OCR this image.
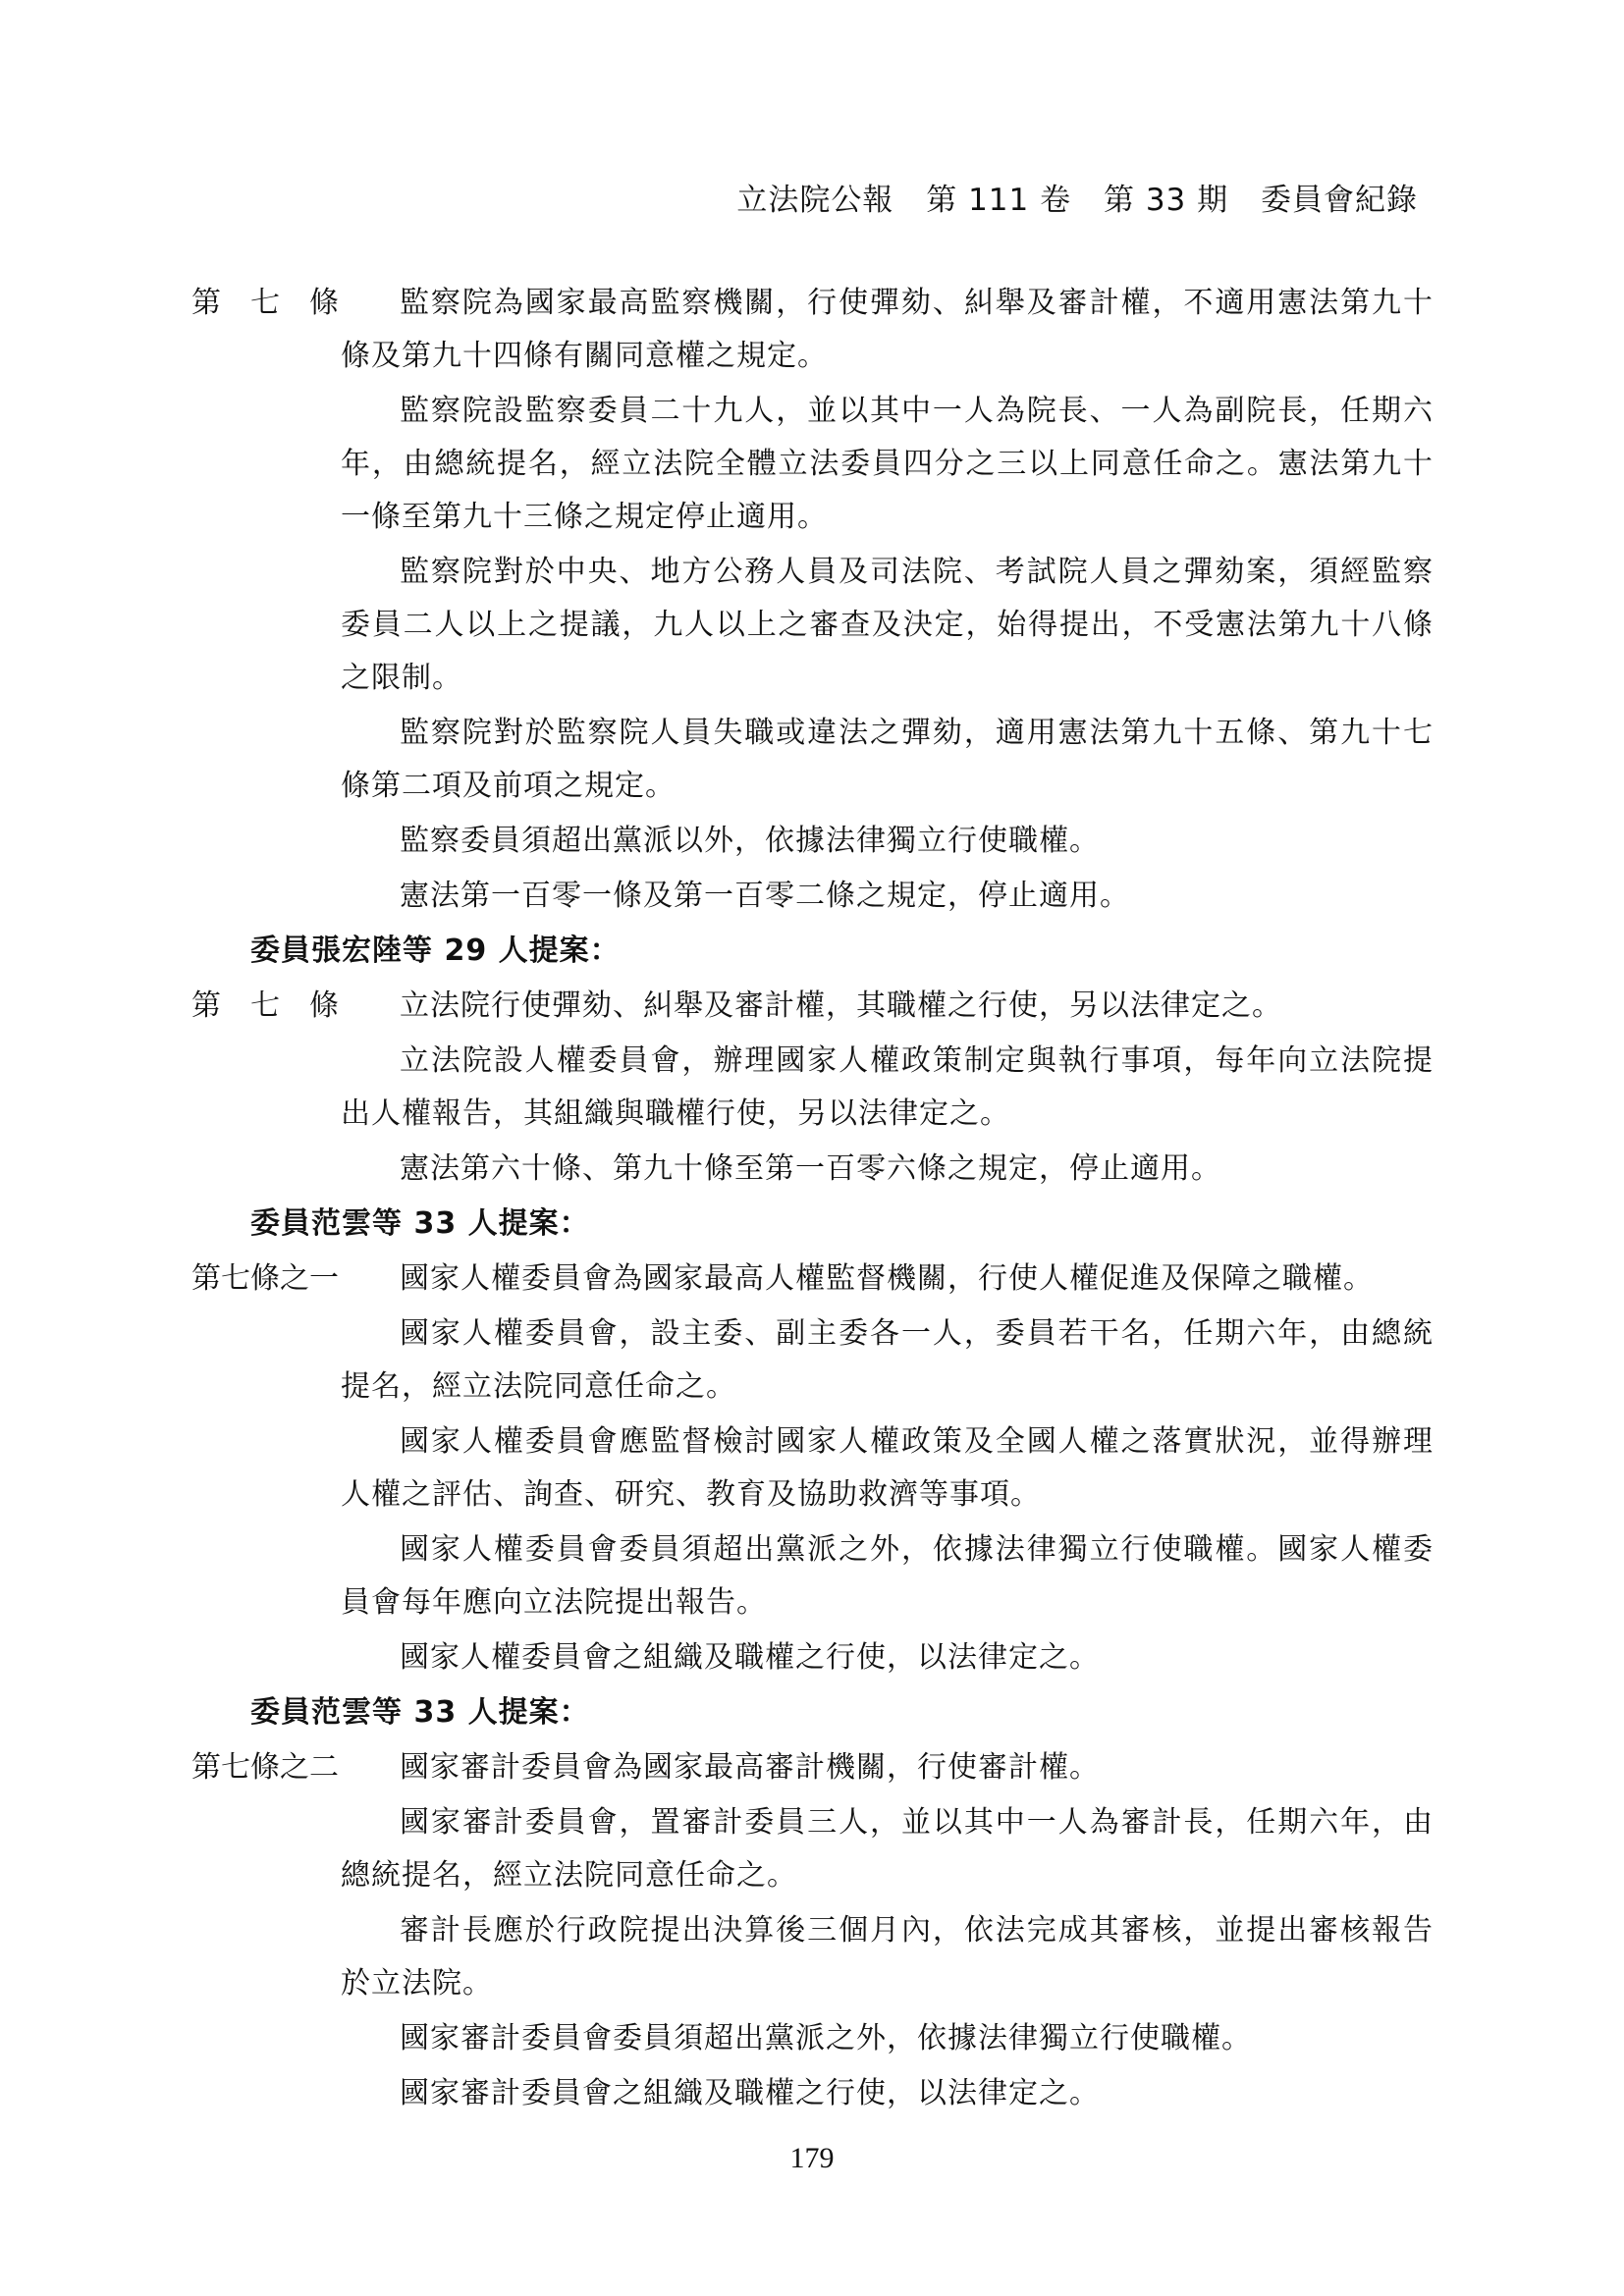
立法院公報 第 111 卷 第 33 期 委員會紀錄
第　七　條	監察院為國家最高監察機關，行使彈劾、糾舉及審計權，不適用憲法第九十條及第九十四條有關同意權之規定。

監察院設監察委員二十九人，並以其中一人為院長、一人為副院長，任期六年，由總統提名，經立法院全體立法委員四分之三以上同意任命之。憲法第九十一條至第九十三條之規定停止適用。

監察院對於中央、地方公務人員及司法院、考試院人員之彈劾案，須經監察委員二人以上之提議，九人以上之審查及決定，始得提出，不受憲法第九十八條之限制。

監察院對於監察院人員失職或違法之彈劾，適用憲法第九十五條、第九十七條第二項及前項之規定。

監察委員須超出黨派以外，依據法律獨立行使職權。

憲法第一百零一條及第一百零二條之規定，停止適用。

委員張宏陸等 29 人提案：
第　七　條	立法院行使彈劾、糾舉及審計權，其職權之行使，另以法律定之。

立法院設人權委員會，辦理國家人權政策制定與執行事項，每年向立法院提出人權報告，其組織與職權行使，另以法律定之。

憲法第六十條、第九十條至第一百零六條之規定，停止適用。

委員范雲等 33 人提案：
第七條之一	國家人權委員會為國家最高人權監督機關，行使人權促進及保障之職權。

國家人權委員會，設主委、副主委各一人，委員若干名，任期六年，由總統提名，經立法院同意任命之。

國家人權委員會應監督檢討國家人權政策及全國人權之落實狀況，並得辦理人權之評估、詢查、研究、教育及協助救濟等事項。

國家人權委員會委員須超出黨派之外，依據法律獨立行使職權。國家人權委員會每年應向立法院提出報告。

國家人權委員會之組織及職權之行使，以法律定之。

委員范雲等 33 人提案：
第七條之二	國家審計委員會為國家最高審計機關，行使審計權。

國家審計委員會，置審計委員三人，並以其中一人為審計長，任期六年，由總統提名，經立法院同意任命之。

審計長應於行政院提出決算後三個月內，依法完成其審核，並提出審核報告於立法院。

國家審計委員會委員須超出黨派之外，依據法律獨立行使職權。

國家審計委員會之組織及職權之行使，以法律定之。

179
